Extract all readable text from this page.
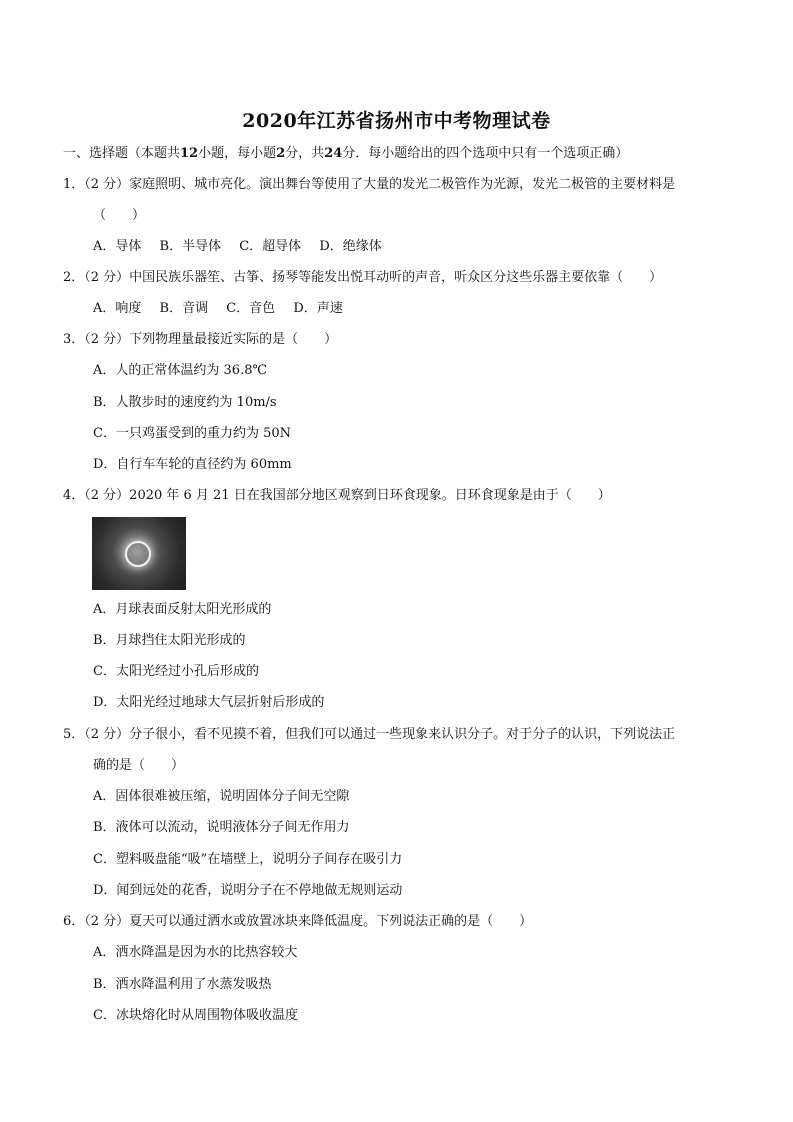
2020年江苏省扬州市中考物理试卷
一、选择题（本题共12小题，每小题2分，共24分．每小题给出的四个选项中只有一个选项正确）
1．（2 分）家庭照明、城市亮化。演出舞台等使用了大量的发光二极管作为光源，发光二极管的主要材料是
（　　）
A．导体 B．半导体 C．超导体 D．绝缘体
2．（2 分）中国民族乐器笙、古筝、扬琴等能发出悦耳动听的声音，听众区分这些乐器主要依靠（　　）
A．响度 B．音调 C．音色 D．声速
3．（2 分）下列物理量最接近实际的是（　　）
A．人的正常体温约为 36.8℃
B．人散步时的速度约为 10m/s
C．一只鸡蛋受到的重力约为 50N
D．自行车车轮的直径约为 60mm
4．（2 分）2020 年 6 月 21 日在我国部分地区观察到日环食现象。日环食现象是由于（　　）
A．月球表面反射太阳光形成的
B．月球挡住太阳光形成的
C．太阳光经过小孔后形成的
D．太阳光经过地球大气层折射后形成的
5．（2 分）分子很小，看不见摸不着，但我们可以通过一些现象来认识分子。对于分子的认识，下列说法正
确的是（　　）
A．固体很难被压缩，说明固体分子间无空隙
B．液体可以流动，说明液体分子间无作用力
C．塑料吸盘能“吸”在墙壁上，说明分子间存在吸引力
D．闻到远处的花香，说明分子在不停地做无规则运动
6．（2 分）夏天可以通过洒水或放置冰块来降低温度。下列说法正确的是（　　）
A．洒水降温是因为水的比热容较大
B．洒水降温利用了水蒸发吸热
C．冰块熔化时从周围物体吸收温度
